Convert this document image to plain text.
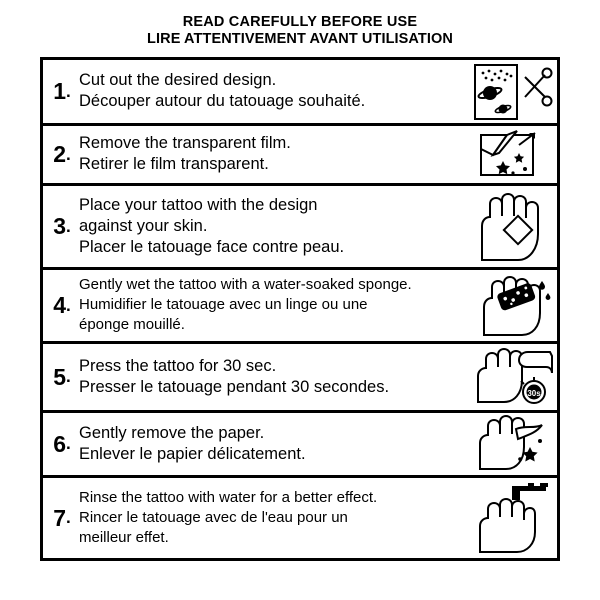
READ CAREFULLY BEFORE USE
LIRE ATTENTIVEMENT AVANT UTILISATION
1 .
Cut out the desired design.
Découper autour du tatouage souhaité.
2 .
Remove the transparent film.
Retirer le film transparent.
3 .
Place your tattoo with the design
against your skin.
Placer le tatouage face contre peau.
4 .
Gently wet the tattoo with a water-soaked sponge.
Humidifier le tatouage avec un linge ou une
éponge mouillé.
5 .
Press the tattoo for 30 sec.
Presser le tatouage pendant 30 secondes.	30s
6 .
Gently remove the paper.
Enlever le papier délicatement.
7 .
Rinse the tattoo with water for a better effect.
Rincer le tatouage avec de l'eau pour un
meilleur effet.
